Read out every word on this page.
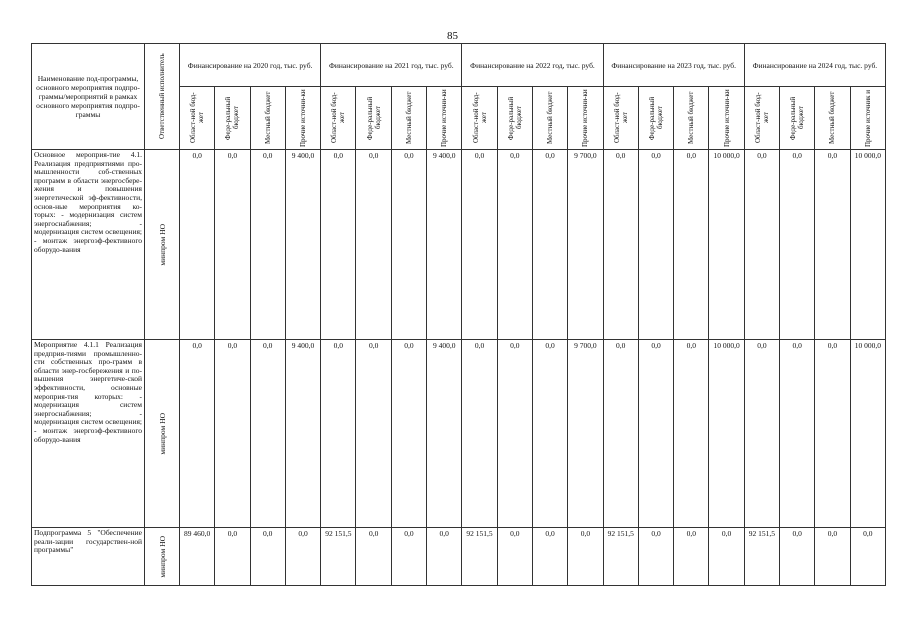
85
Наименование под-программы, основного мероприятия подпро-граммы/мероприятий в рамках основного мероприятия подпро-граммы	Ответственный исполнитель	Финансирование на 2020 год, тыс. руб.				Финансирование на 2021 год, тыс. руб.				Финансирование на 2022 год, тыс. руб.				Финансирование на 2023 год, тыс. руб.				Финансирование на 2024 год, тыс. руб.			

		Област-ной бюд-жет	Феде-ральный бюджет	Местный бюджет	Прочие источни-ки	Област-ной бюд-жет	Феде-ральный бюджет	Местный бюджет	Прочие источни-ки	Област-ной бюд-жет	Феде-ральный бюджет	Местный бюджет	Прочие источни-ки	Област-ной бюд-жет	Феде-ральный бюджет	Местный бюджет	Прочие источни-ки	Област-ной бюд-жет	Феде-ральный бюджет	Местный бюджет	Прочие источник и

Основное мероприя-тие 4.1. Реализация предприятиями про-мышленности соб-ственных программ в области энергосбере-жения и повышения энергетической эф-фективности, основ-ные мероприятия ко-торых: - модернизация систем энергоснабжения; - модернизация систем освещения; - монтаж энергоэф-фективного оборудо-вания	минпром НО	0,0	0,0	0,0	9 400,0	0,0	0,0	0,0	9 400,0	0,0	0,0	0,0	9 700,0	0,0	0,0	0,0	10 000,0	0,0	0,0	0,0	10 000,0
Мероприятие 4.1.1 Реализация предприя-тиями промышленно-сти собственных про-грамм в области энер-госбережения и по-вышения энергетиче-ской эффективности, основные мероприя-тия которых: - модернизация систем энергоснабжения; - модернизация систем освещения; - монтаж энергоэф-фективного оборудо-вания	минпром НО	0,0	0,0	0,0	9 400,0	0,0	0,0	0,0	9 400,0	0,0	0,0	0,0	9 700,0	0,0	0,0	0,0	10 000,0	0,0	0,0	0,0	10 000,0
Подпрограмма 5 "Обеспечение реали-зации государствен-ной программы"	минпром НО	89 460,0	0,0	0,0	0,0	92 151,5	0,0	0,0	0,0	92 151,5	0,0	0,0	0,0	92 151,5	0,0	0,0	0,0	92 151,5	0,0	0,0	0,0
